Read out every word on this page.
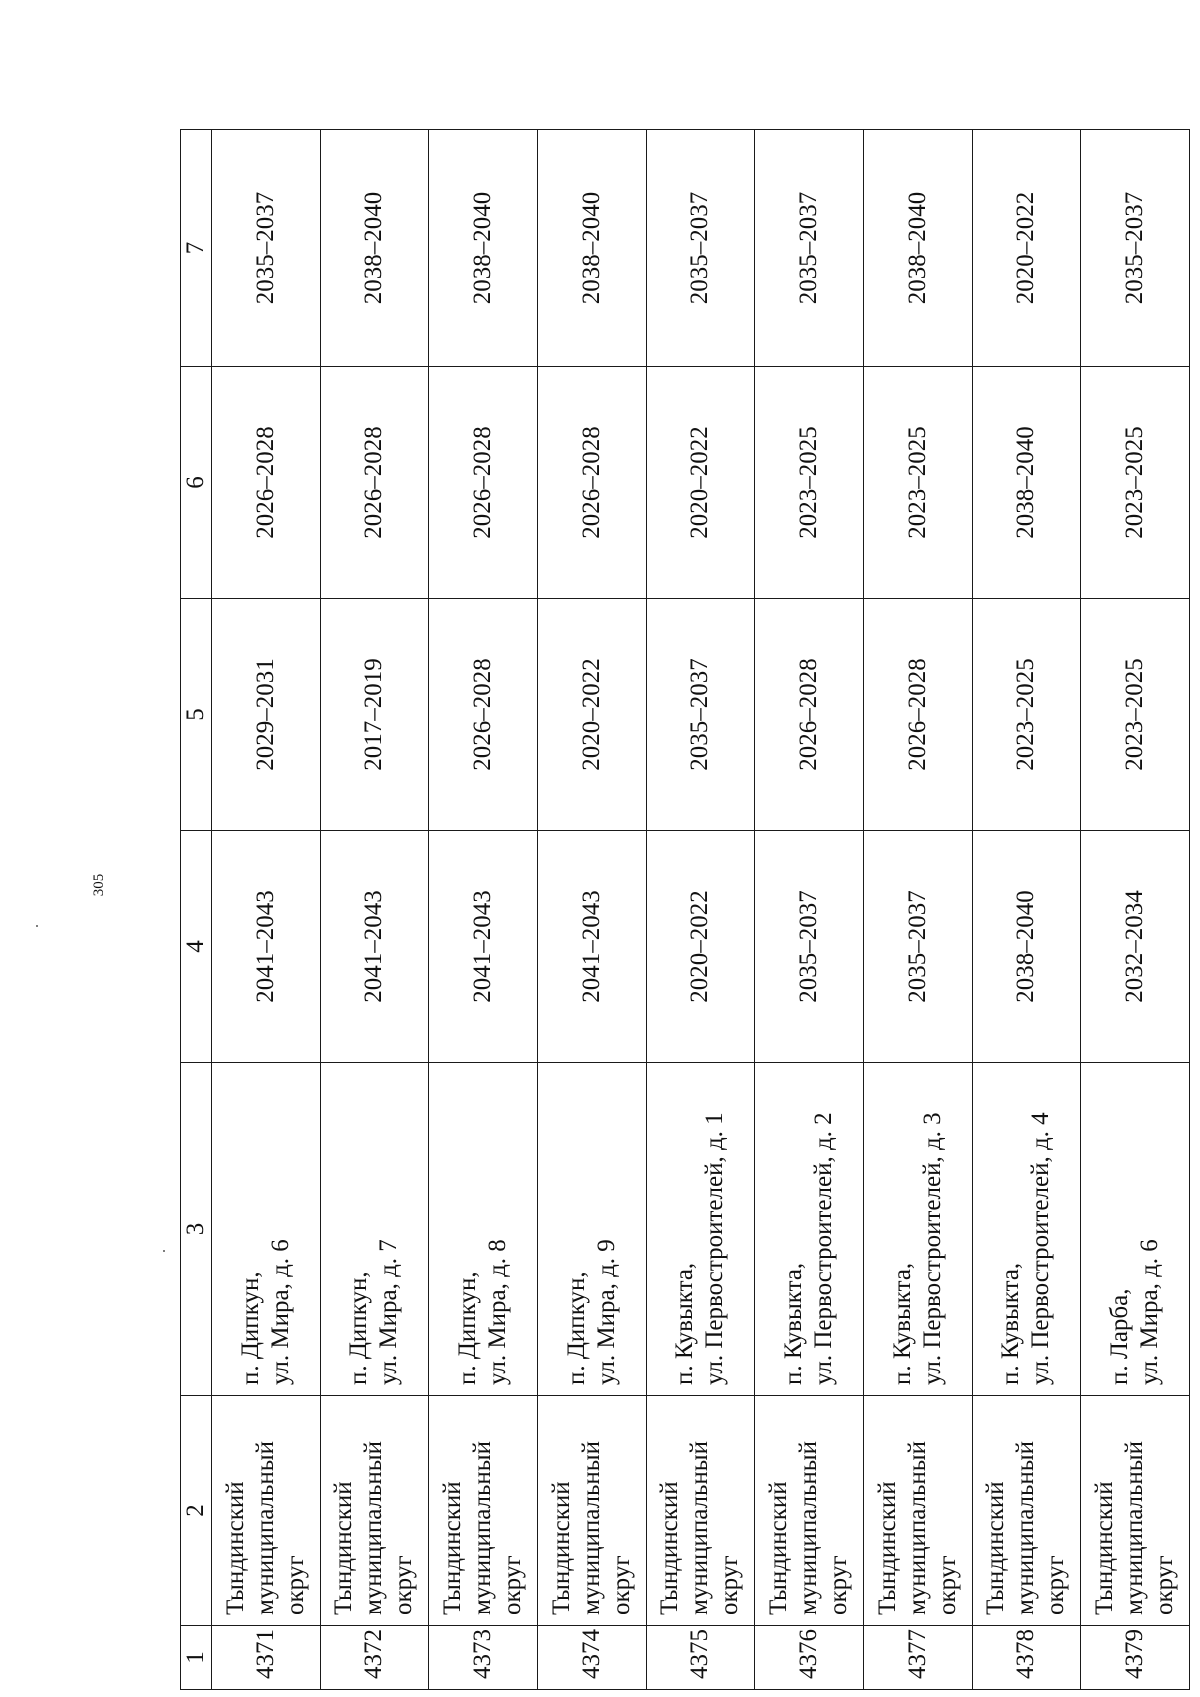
305
1	2	3	4	5	6	7
4371	Тындинский муниципальный округ	п. Дипкун, ул. Мира, д. 6	2041–2043	2029–2031	2026–2028	2035–2037
4372	Тындинский муниципальный округ	п. Дипкун, ул. Мира, д. 7	2041–2043	2017–2019	2026–2028	2038–2040
4373	Тындинский муниципальный округ	п. Дипкун, ул. Мира, д. 8	2041–2043	2026–2028	2026–2028	2038–2040
4374	Тындинский муниципальный округ	п. Дипкун, ул. Мира, д. 9	2041–2043	2020–2022	2026–2028	2038–2040
4375	Тындинский муниципальный округ	п. Кувыкта, ул. Первостроителей, д. 1	2020–2022	2035–2037	2020–2022	2035–2037
4376	Тындинский муниципальный округ	п. Кувыкта, ул. Первостроителей, д. 2	2035–2037	2026–2028	2023–2025	2035–2037
4377	Тындинский муниципальный округ	п. Кувыкта, ул. Первостроителей, д. 3	2035–2037	2026–2028	2023–2025	2038–2040
4378	Тындинский муниципальный округ	п. Кувыкта, ул. Первостроителей, д. 4	2038–2040	2023–2025	2038–2040	2020–2022
4379	Тындинский муниципальный округ	п. Ларба, ул. Мира, д. 6	2032–2034	2023–2025	2023–2025	2035–2037
